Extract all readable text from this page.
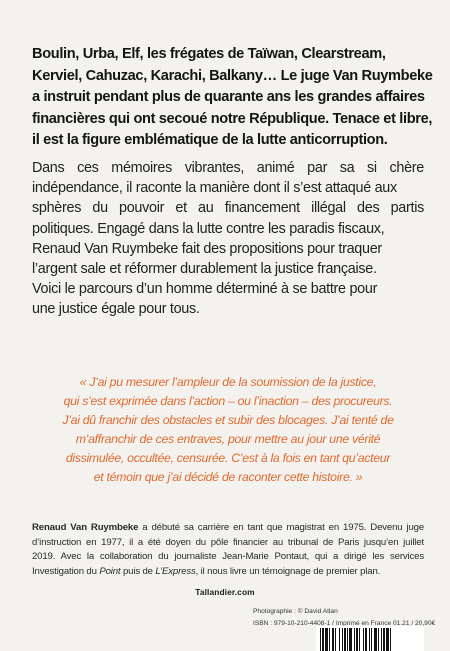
Boulin, Urba, Elf, les frégates de Taïwan, Clearstream,
Kerviel, Cahuzac, Karachi, Balkany… Le juge Van Ruymbeke
a instruit pendant plus de quarante ans les grandes affaires
financières qui ont secoué notre République. Tenace et libre,
il est la figure emblématique de la lutte anticorruption.
Dans ces mémoires vibrantes, animé par sa si chère
indépendance, il raconte la manière dont il s’est attaqué aux
sphères du pouvoir et au financement illégal des partis
politiques. Engagé dans la lutte contre les paradis fiscaux,
Renaud Van Ruymbeke fait des propositions pour traquer
l’argent sale et réformer durablement la justice française.
Voici le parcours d’un homme déterminé à se battre pour
une justice égale pour tous.
« J’ai pu mesurer l’ampleur de la soumission de la justice,
qui s’est exprimée dans l’action – ou l’inaction – des procureurs.
J’ai dû franchir des obstacles et subir des blocages. J’ai tenté de
m’affranchir de ces entraves, pour mettre au jour une vérité
dissimulée, occultée, censurée. C’est à la fois en tant qu’acteur
et témoin que j’ai décidé de raconter cette histoire. »
Renaud Van Ruymbeke a débuté sa carrière en tant que magistrat en 1975. Devenu juge
d’instruction en 1977, il a été doyen du pôle financier au tribunal de Paris jusqu’en juillet
2019. Avec la collaboration du journaliste Jean-Marie Pontaut, qui a dirigé les services
Investigation du Point puis de L’Express, il nous livre un témoignage de premier plan.
Tallandier.com
Photographie : © David Atlan
ISBN : 979-10-210-4408-1 / Imprimé en France 01.21 / 20,90€
